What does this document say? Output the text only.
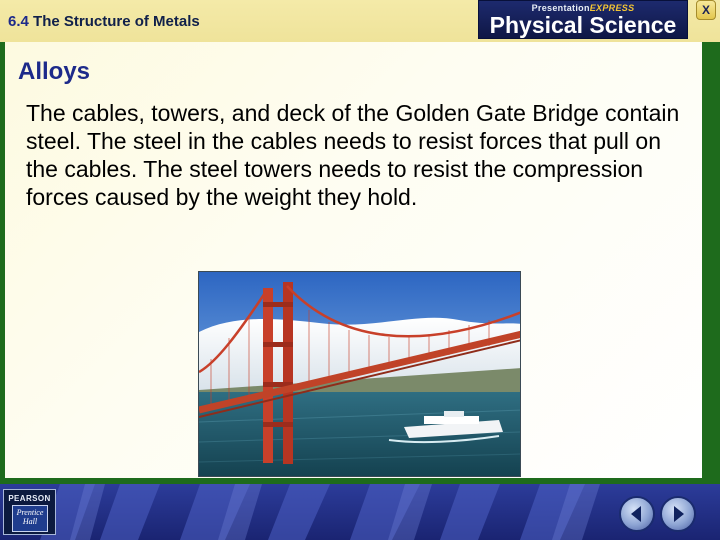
6.4 The Structure of Metals
PresentationEXPRESS
Physical Science
X
Alloys
The cables, towers, and deck of the Golden Gate Bridge contain steel. The steel in the cables needs to resist forces that pull on the cables. The steel towers needs to resist the compression forces caused by the weight they hold.
PEARSON
Prentice
Hall
